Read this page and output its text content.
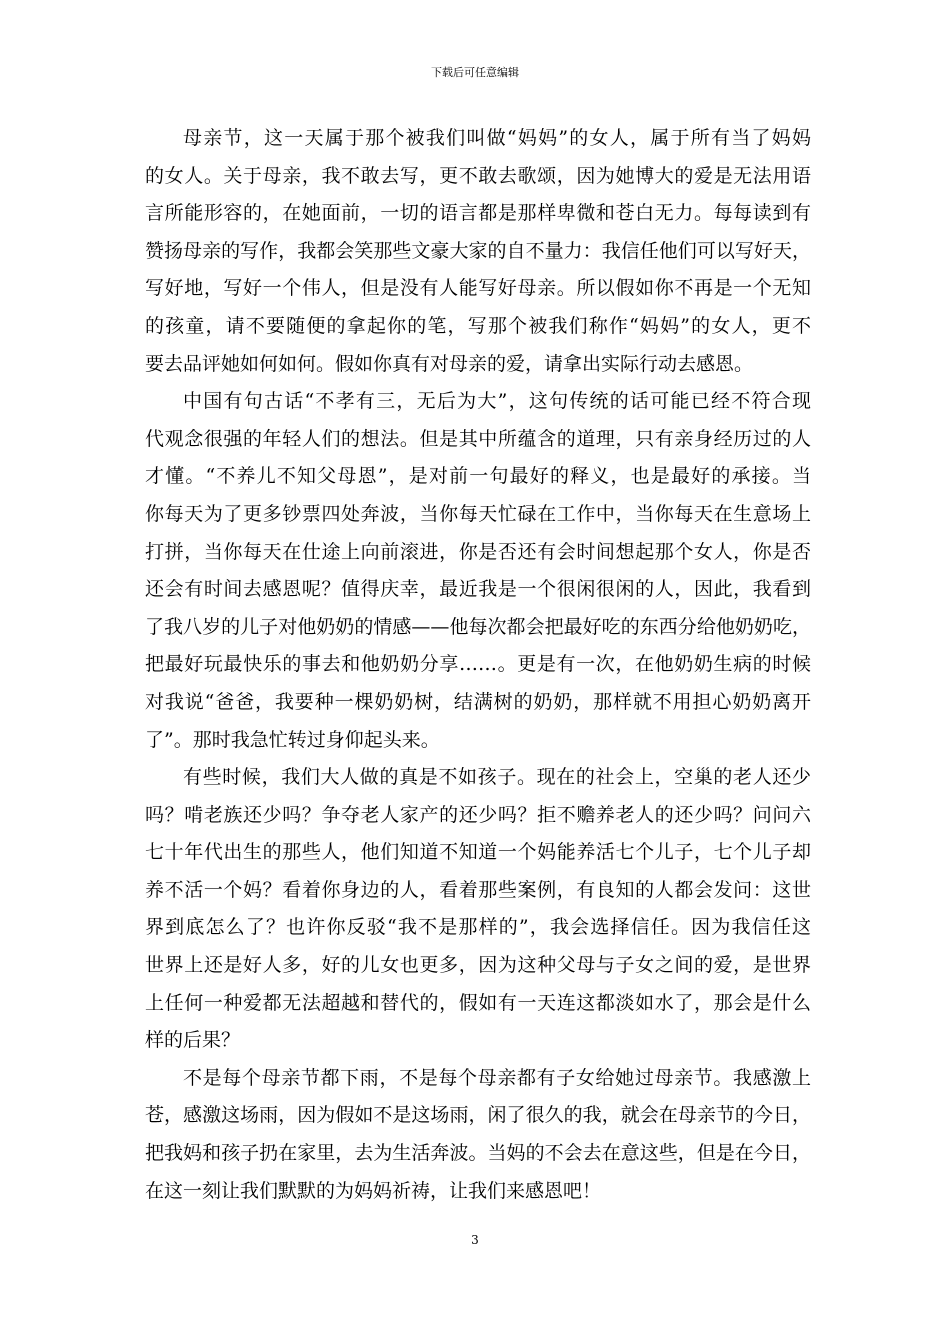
下载后可任意编辑

母亲节，这一天属于那个被我们叫做“妈妈”的女人，属于所有当了妈妈
的女人。关于母亲，我不敢去写，更不敢去歌颂，因为她博大的爱是无法用语
言所能形容的，在她面前，一切的语言都是那样卑微和苍白无力。每每读到有
赞扬母亲的写作，我都会笑那些文豪大家的自不量力：我信任他们可以写好天，
写好地，写好一个伟人，但是没有人能写好母亲。所以假如你不再是一个无知
的孩童，请不要随便的拿起你的笔，写那个被我们称作“妈妈”的女人，更不
要去品评她如何如何。假如你真有对母亲的爱，请拿出实际行动去感恩。

中国有句古话“不孝有三，无后为大”，这句传统的话可能已经不符合现
代观念很强的年轻人们的想法。但是其中所蕴含的道理，只有亲身经历过的人
才懂。“不养儿不知父母恩”，是对前一句最好的释义，也是最好的承接。当
你每天为了更多钞票四处奔波，当你每天忙碌在工作中，当你每天在生意场上
打拼，当你每天在仕途上向前滚进，你是否还有会时间想起那个女人，你是否
还会有时间去感恩呢？值得庆幸，最近我是一个很闲很闲的人，因此，我看到
了我八岁的儿子对他奶奶的情感——他每次都会把最好吃的东西分给他奶奶吃，
把最好玩最快乐的事去和他奶奶分享……。更是有一次，在他奶奶生病的时候
对我说“爸爸，我要种一棵奶奶树，结满树的奶奶，那样就不用担心奶奶离开
了”。那时我急忙转过身仰起头来。

有些时候，我们大人做的真是不如孩子。现在的社会上，空巢的老人还少
吗？啃老族还少吗？争夺老人家产的还少吗？拒不赡养老人的还少吗？问问六
七十年代出生的那些人，他们知道不知道一个妈能养活七个儿子，七个儿子却
养不活一个妈？看着你身边的人，看着那些案例，有良知的人都会发问：这世
界到底怎么了？也许你反驳“我不是那样的”，我会选择信任。因为我信任这
世界上还是好人多，好的儿女也更多，因为这种父母与子女之间的爱，是世界
上任何一种爱都无法超越和替代的，假如有一天连这都淡如水了，那会是什么
样的后果？

不是每个母亲节都下雨，不是每个母亲都有子女给她过母亲节。我感激上
苍，感激这场雨，因为假如不是这场雨，闲了很久的我，就会在母亲节的今日，
把我妈和孩子扔在家里，去为生活奔波。当妈的不会去在意这些，但是在今日，
在这一刻让我们默默的为妈妈祈祷，让我们来感恩吧！

3
